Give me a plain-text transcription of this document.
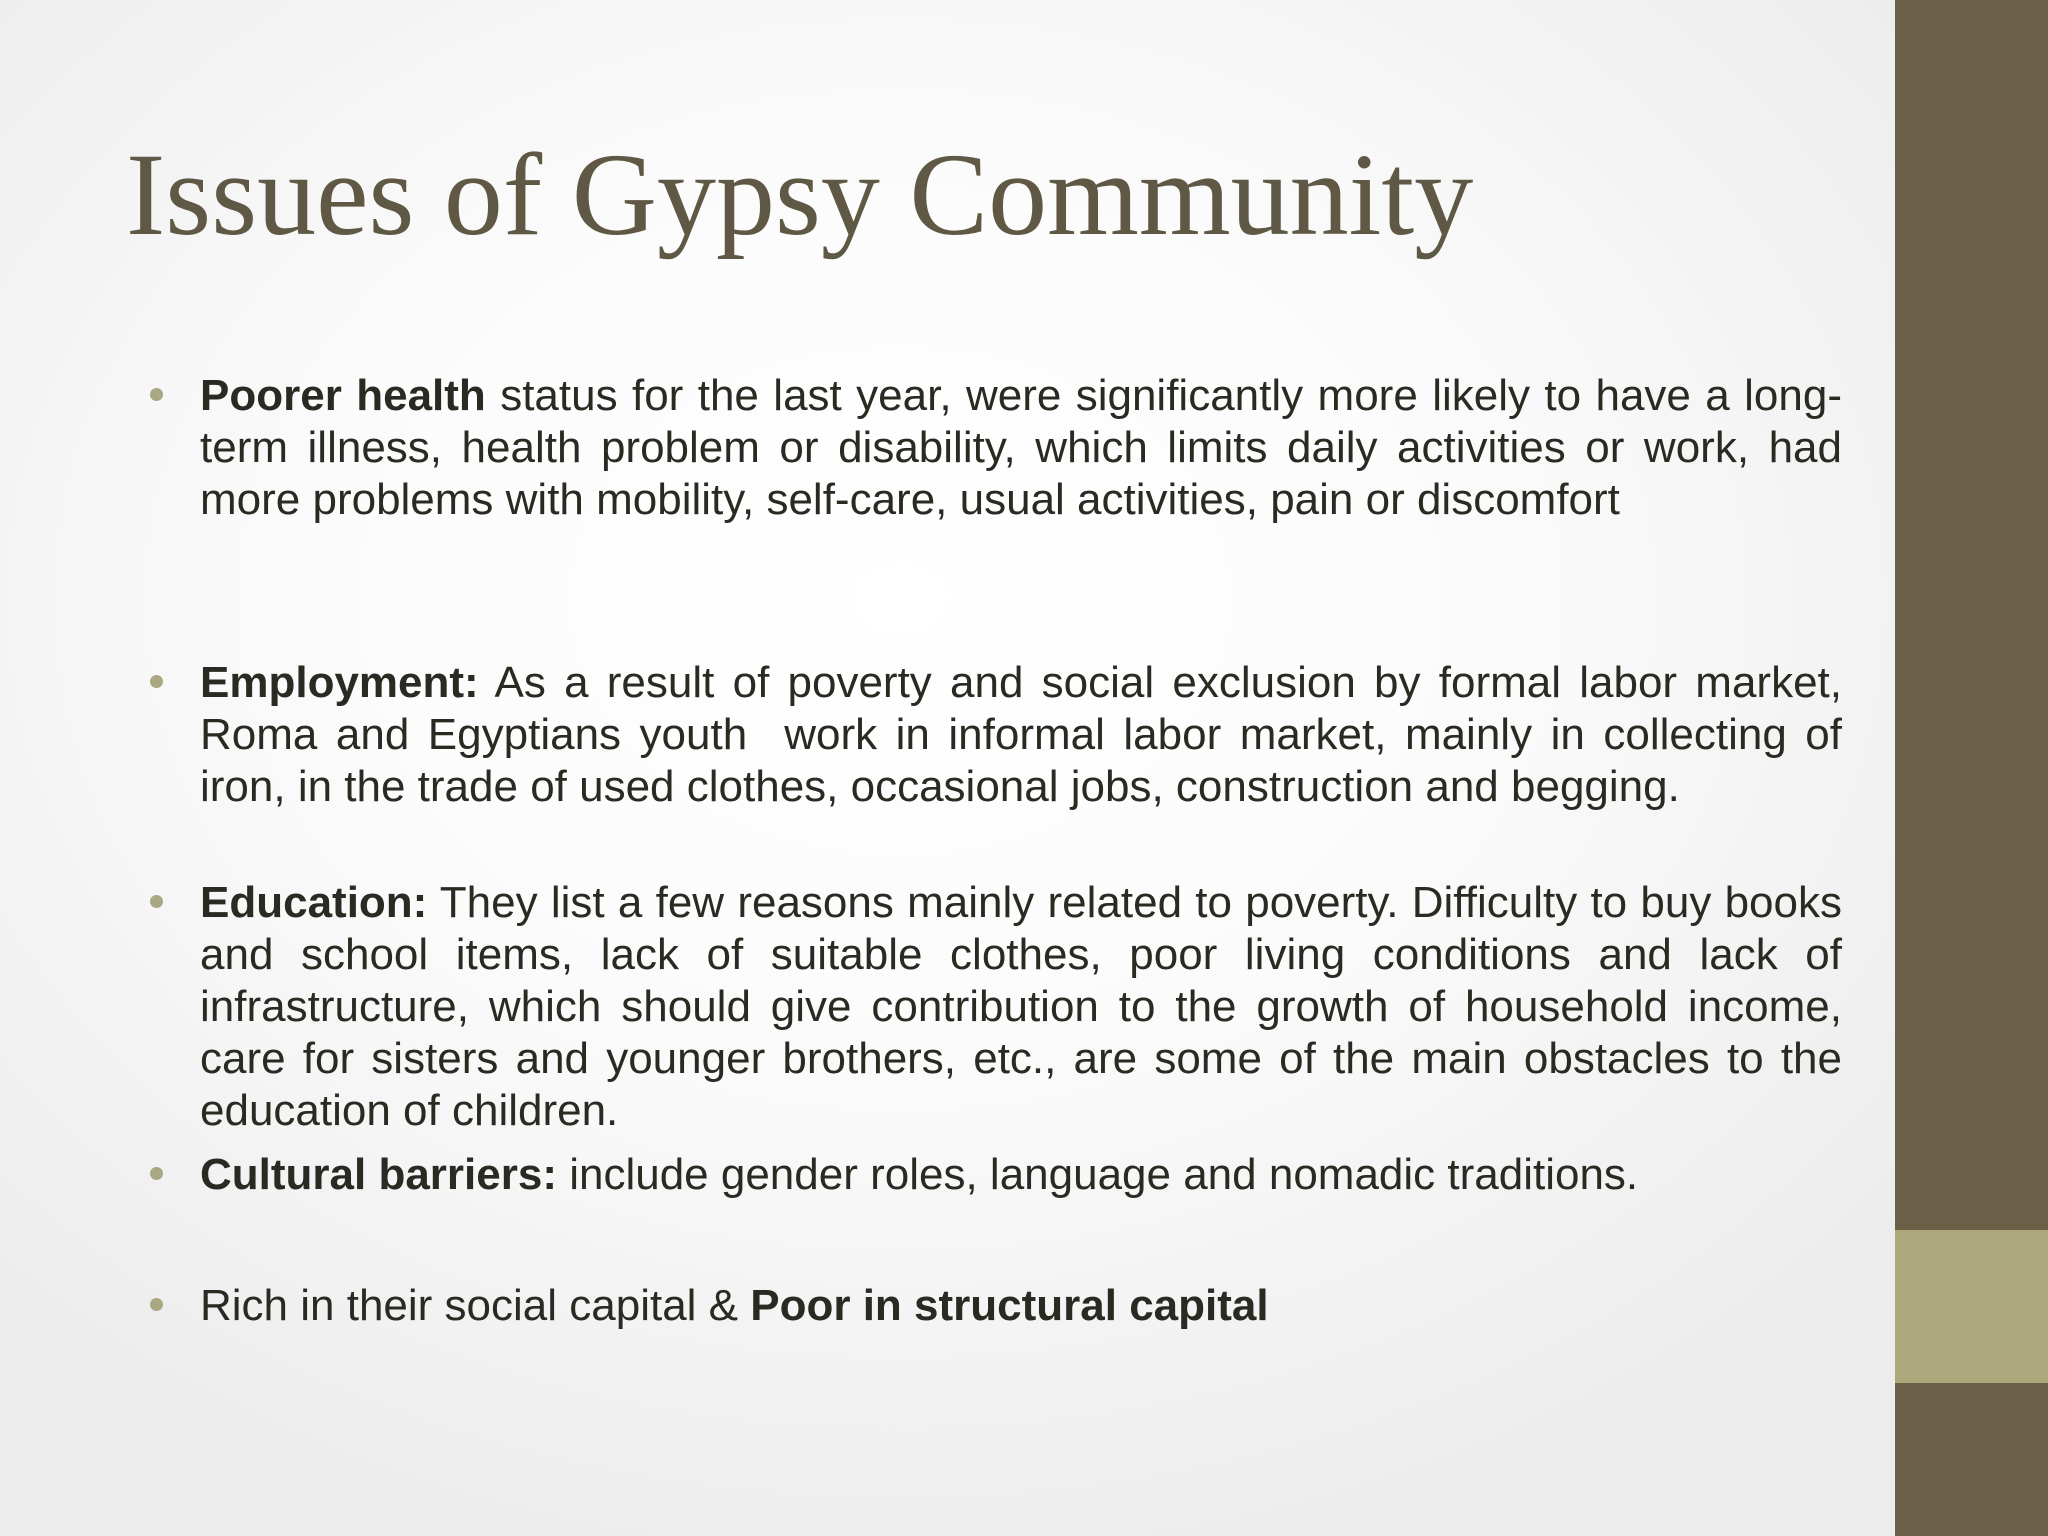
Issues of Gypsy Community
Poorer health status for the last year, were significantly more likely to have a long-term illness, health problem or disability, which limits daily activities or work, had more problems with mobility, self-care, usual activities, pain or discomfort
Employment: As a result of poverty and social exclusion by formal labor market, Roma and Egyptians youth  work in informal labor market, mainly in collecting of iron, in the trade of used clothes, occasional jobs, construction and begging.
Education: They list a few reasons mainly related to poverty. Difficulty to buy books and school items, lack of suitable clothes, poor living conditions and lack of infrastructure, which should give contribution to the growth of household income, care for sisters and younger brothers, etc., are some of the main obstacles to the education of children.
Cultural barriers: include gender roles, language and nomadic traditions.
Rich in their social capital & Poor in structural capital
